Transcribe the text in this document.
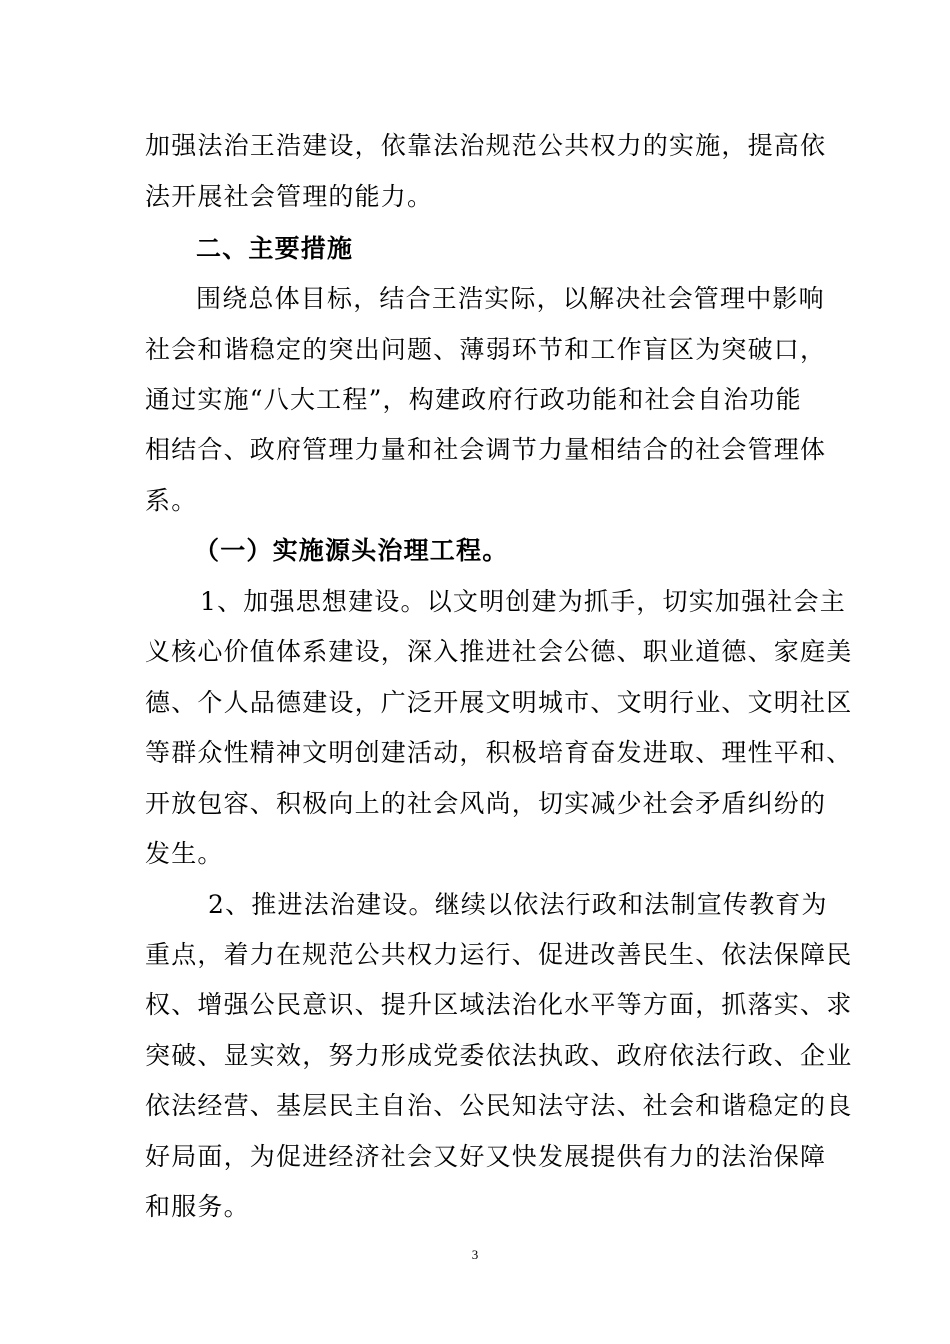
加强法治王浩建设，依靠法治规范公共权力的实施，提高依
法开展社会管理的能力。
二、主要措施
围绕总体目标，结合王浩实际，以解决社会管理中影响
社会和谐稳定的突出问题、薄弱环节和工作盲区为突破口，
通过实施“八大工程”，构建政府行政功能和社会自治功能
相结合、政府管理力量和社会调节力量相结合的社会管理体
系。
（一）实施源头治理工程。
1、加强思想建设。以文明创建为抓手，切实加强社会主
义核心价值体系建设，深入推进社会公德、职业道德、家庭美
德、个人品德建设，广泛开展文明城市、文明行业、文明社区
等群众性精神文明创建活动，积极培育奋发进取、理性平和、
开放包容、积极向上的社会风尚，切实减少社会矛盾纠纷的
发生。
2、推进法治建设。继续以依法行政和法制宣传教育为
重点，着力在规范公共权力运行、促进改善民生、依法保障民
权、增强公民意识、提升区域法治化水平等方面，抓落实、求
突破、显实效，努力形成党委依法执政、政府依法行政、企业
依法经营、基层民主自治、公民知法守法、社会和谐稳定的良
好局面，为促进经济社会又好又快发展提供有力的法治保障
和服务。
3
